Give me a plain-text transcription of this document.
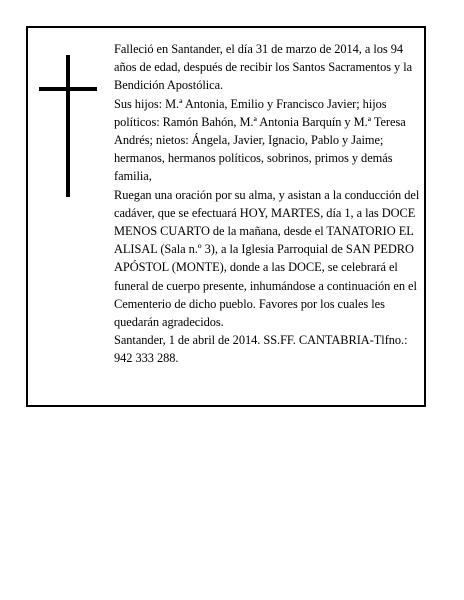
Falleció en Santander, el día 31 de marzo de 2014, a los 94 años de edad, después de recibir los Santos Sacramentos y la Bendición Apostólica.
Sus hijos: M.ª Antonia, Emilio y Francisco Javier; hijos políticos: Ramón Bahón, M.ª Antonia Barquín y M.ª Teresa Andrés; nietos: Ángela, Javier, Ignacio, Pablo y Jaime; hermanos, hermanos políticos, sobrinos, primos y demás familia,
Ruegan una oración por su alma, y asistan a la conducción del cadáver, que se efectuará HOY, MARTES, día 1, a las DOCE MENOS CUARTO de la mañana, desde el TANATORIO EL ALISAL (Sala n.º 3), a la Iglesia Parroquial de SAN PEDRO APÓSTOL (MONTE), donde a las DOCE, se celebrará el funeral de cuerpo presente, inhumándose a continuación en el Cementerio de dicho pueblo. Favores por los cuales les quedarán agradecidos.
Santander, 1 de abril de 2014. SS.FF. CANTABRIA-Tlfno.: 942 333 288.
